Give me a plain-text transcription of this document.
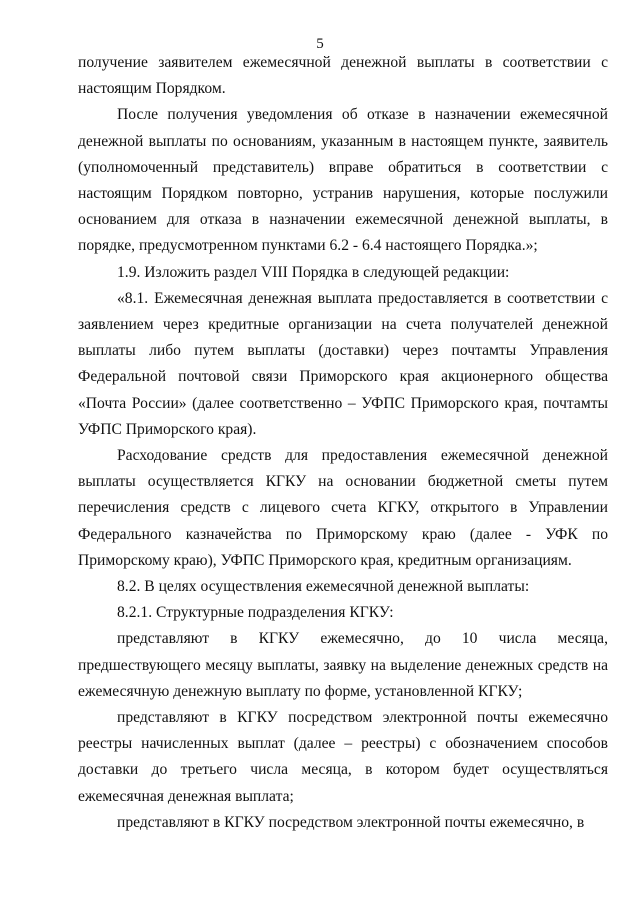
5

получение заявителем ежемесячной денежной выплаты в соответствии с настоящим Порядком.

После получения уведомления об отказе в назначении ежемесячной денежной выплаты по основаниям, указанным в настоящем пункте, заявитель (уполномоченный представитель) вправе обратиться в соответствии с настоящим Порядком повторно, устранив нарушения, которые послужили основанием для отказа в назначении ежемесячной денежной выплаты, в порядке, предусмотренном пунктами 6.2 - 6.4 настоящего Порядка.»;

1.9. Изложить раздел VIII Порядка в следующей редакции:

«8.1. Ежемесячная денежная выплата предоставляется в соответствии с заявлением через кредитные организации на счета получателей денежной выплаты либо путем выплаты (доставки) через почтамты Управления Федеральной почтовой связи Приморского края акционерного общества «Почта России» (далее соответственно – УФПС Приморского края, почтамты УФПС Приморского края).

Расходование средств для предоставления ежемесячной денежной выплаты осуществляется КГКУ на основании бюджетной сметы путем перечисления средств с лицевого счета КГКУ, открытого в Управлении Федерального казначейства по Приморскому краю (далее - УФК по Приморскому краю), УФПС Приморского края, кредитным организациям.

8.2. В целях осуществления ежемесячной денежной выплаты:

8.2.1. Структурные подразделения КГКУ:

представляют в КГКУ ежемесячно, до 10 числа месяца, предшествующего месяцу выплаты, заявку на выделение денежных средств на ежемесячную денежную выплату по форме, установленной КГКУ;

представляют в КГКУ посредством электронной почты ежемесячно реестры начисленных выплат (далее – реестры) с обозначением способов доставки до третьего числа месяца, в котором будет осуществляться ежемесячная денежная выплата;

представляют в КГКУ посредством электронной почты ежемесячно, в
